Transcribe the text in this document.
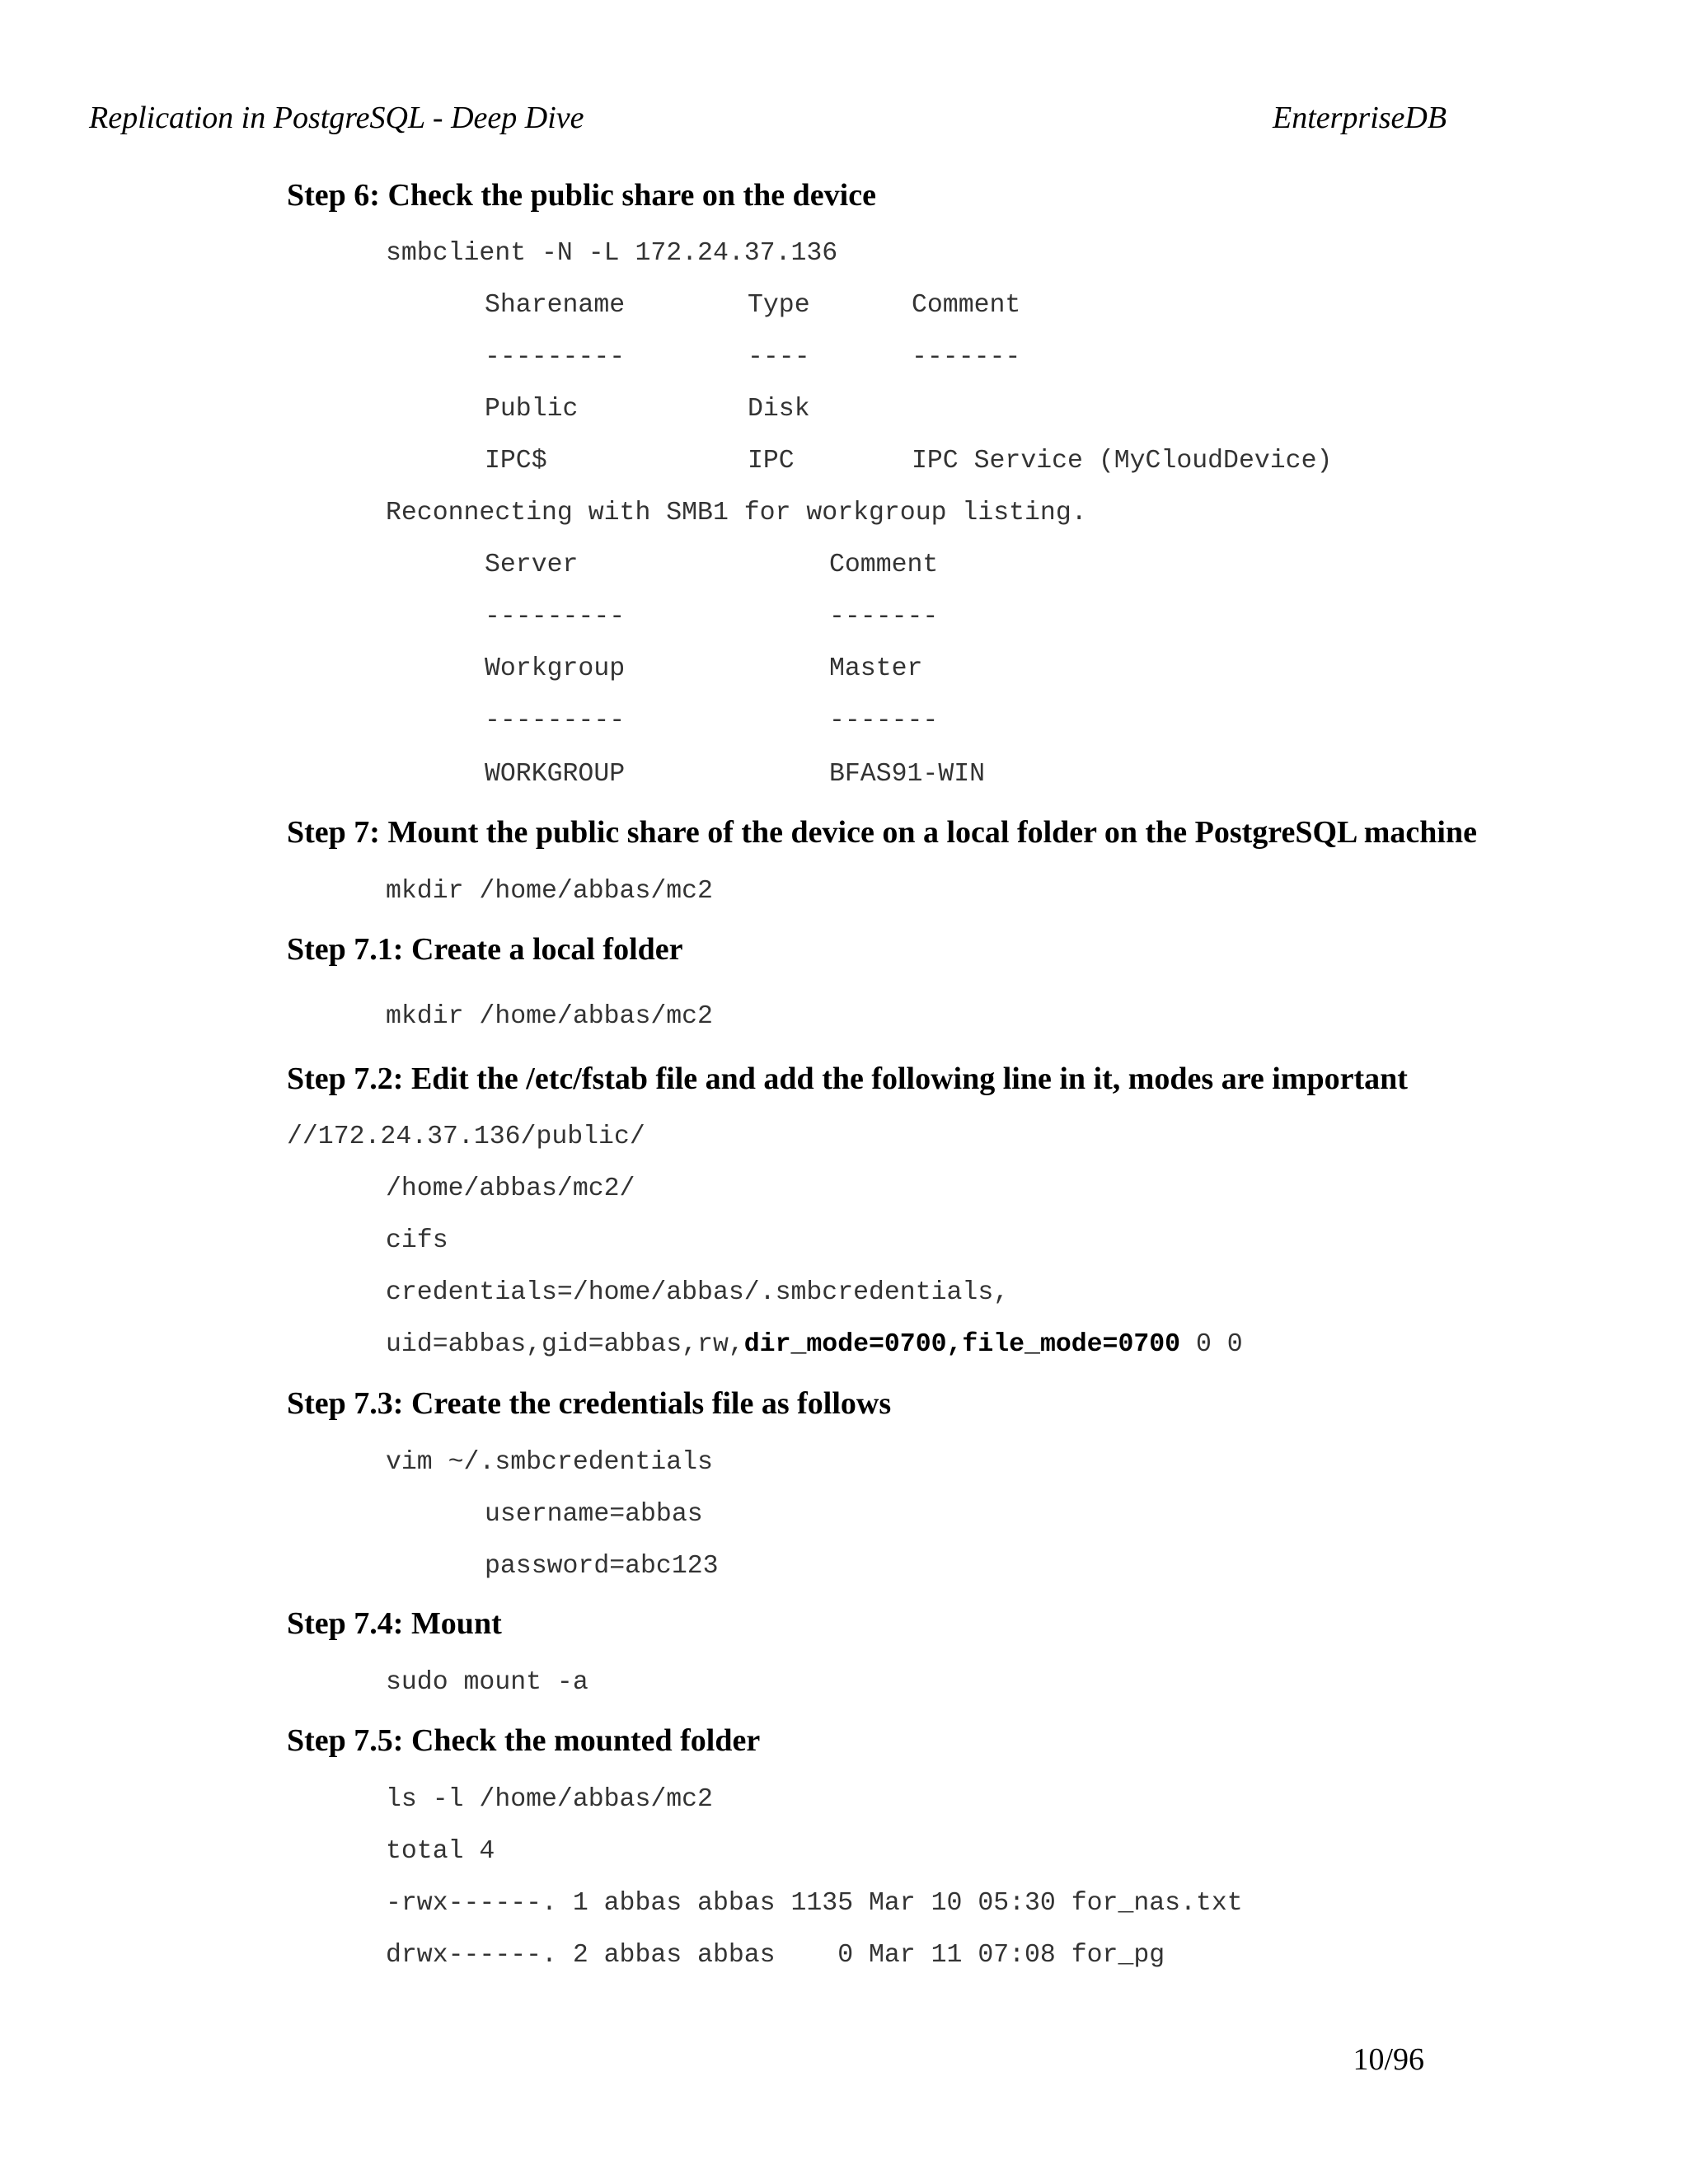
Replication in PostgreSQL - Deep Dive	EnterpriseDB
Step 6: Check the public share on the device
smbclient -N -L 172.24.37.136
Sharename	Type	Comment
---------	----	-------
Public	Disk
IPC$	IPC	IPC Service (MyCloudDevice)
Reconnecting with SMB1 for workgroup listing.
Server	Comment
---------	-------
Workgroup	Master
---------	-------
WORKGROUP	BFAS91-WIN
Step 7: Mount the public share of the device on a local folder on the PostgreSQL machine
mkdir /home/abbas/mc2
Step 7.1: Create a local folder
mkdir /home/abbas/mc2
Step 7.2: Edit the /etc/fstab file and add the following line in it, modes are important
//172.24.37.136/public/
/home/abbas/mc2/
cifs
credentials=/home/abbas/.smbcredentials,
uid=abbas,gid=abbas,rw,dir_mode=0700,file_mode=0700 0 0
Step 7.3: Create the credentials file as follows
vim ~/.smbcredentials
username=abbas
password=abc123
Step 7.4: Mount
sudo mount -a
Step 7.5: Check the mounted folder
ls -l /home/abbas/mc2
total 4
-rwx------. 1 abbas abbas 1135 Mar 10 05:30 for_nas.txt
drwx------. 2 abbas abbas    0 Mar 11 07:08 for_pg
10/96
